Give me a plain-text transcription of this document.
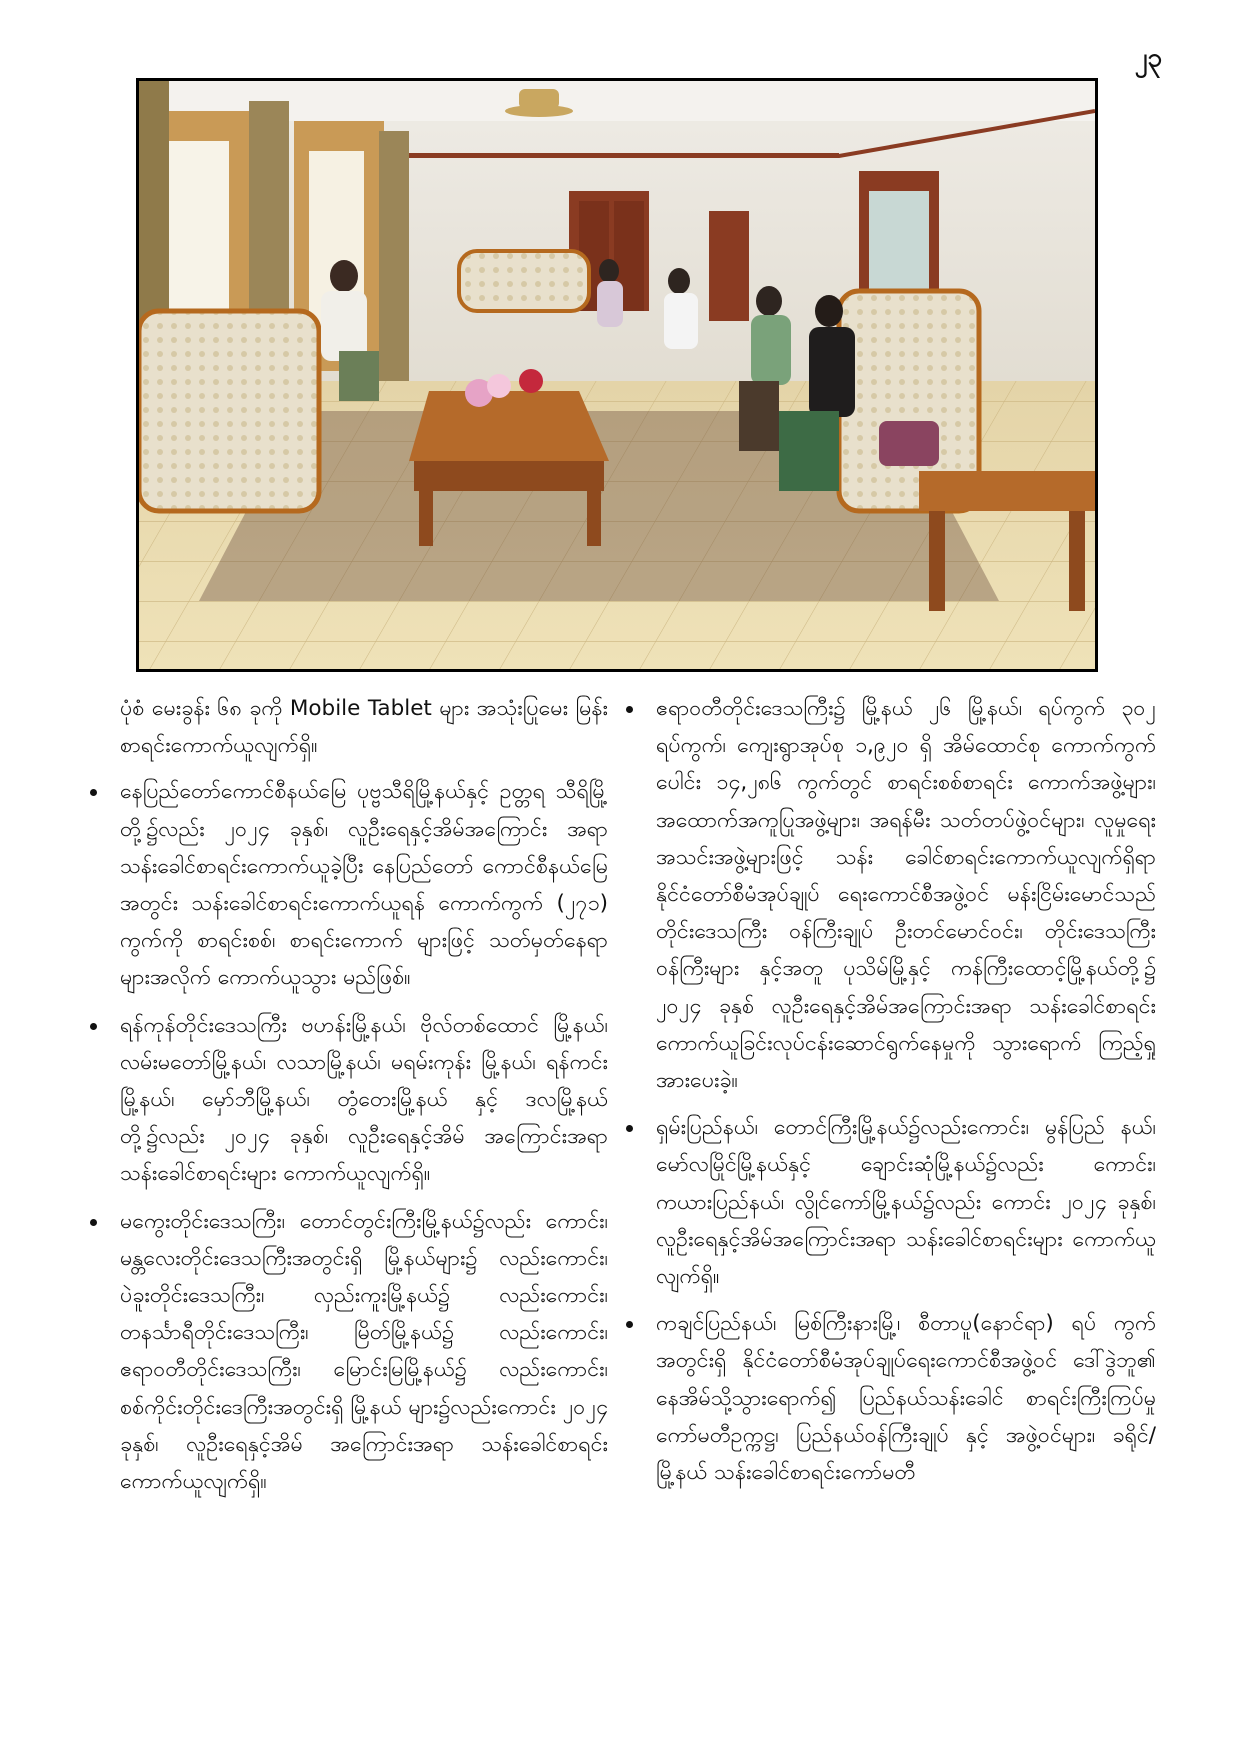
၂၃

ပုံစံ မေးခွန်း ၆၈ ခုကို Mobile Tablet များ အသုံးပြုမေး မြန်းစာရင်းကောက်ယူလျက်ရှိ။

နေပြည်တော်ကောင်စီနယ်မြေ ပုဗ္ဗသီရိမြို့နယ်နှင့် ဥတ္တရ သီရိမြို့တို့၌လည်း ၂၀၂၄ ခုနှစ်၊ လူဦးရေနှင့်အိမ်အကြောင်း အရာသန်းခေါင်စာရင်းကောက်ယူခဲ့ပြီး နေပြည်တော် ကောင်စီနယ်မြေအတွင်း သန်းခေါင်စာရင်းကောက်ယူရန် ကောက်ကွက် (၂၇၁) ကွက်ကို စာရင်းစစ်၊ စာရင်းကောက် များဖြင့် သတ်မှတ်နေရာများအလိုက် ကောက်ယူသွား မည်ဖြစ်။
ရန်ကုန်တိုင်းဒေသကြီး ဗဟန်းမြို့နယ်၊ ဗိုလ်တစ်ထောင် မြို့နယ်၊ လမ်းမတော်မြို့နယ်၊ လသာမြို့နယ်၊ မရမ်းကုန်း မြို့နယ်၊ ရန်ကင်းမြို့နယ်၊ မှော်ဘီမြို့နယ်၊ တွံတေးမြို့နယ် နှင့် ဒလမြို့နယ်တို့၌လည်း ၂၀၂၄ ခုနှစ်၊ လူဦးရေနှင့်အိမ် အကြောင်းအရာ သန်းခေါင်စာရင်းများ ကောက်ယူလျက်ရှိ။
မကွေးတိုင်းဒေသကြီး၊ တောင်တွင်းကြီးမြို့နယ်၌လည်း ကောင်း၊ မန္တလေးတိုင်းဒေသကြီးအတွင်းရှိ မြို့နယ်များ၌ လည်းကောင်း၊ ပဲခူးတိုင်းဒေသကြီး၊ လှည်းကူးမြို့နယ်၌ လည်းကောင်း၊ တနင်္သာရီတိုင်းဒေသကြီး၊ မြိတ်မြို့နယ်၌ လည်းကောင်း၊ ဧရာဝတီတိုင်းဒေသကြီး၊ မြောင်းမြမြို့နယ်၌ လည်းကောင်း၊ စစ်ကိုင်းတိုင်းဒေကြီးအတွင်းရှိ မြို့နယ် များ၌လည်းကောင်း ၂၀၂၄ ခုနှစ်၊ လူဦးရေနှင့်အိမ် အကြောင်းအရာ သန်းခေါင်စာရင်းကောက်ယူလျက်ရှိ။
ဧရာဝတီတိုင်းဒေသကြီး၌ မြို့နယ် ၂၆ မြို့နယ်၊ ရပ်ကွက် ၃၀၂ ရပ်ကွက်၊ ကျေးရွာအုပ်စု ၁,၉၂၀ ရှိ အိမ်ထောင်စု ကောက်ကွက်ပေါင်း ၁၄,၂၈၆ ကွက်တွင် စာရင်းစစ်စာရင်း ကောက်အဖွဲ့များ၊ အထောက်အကူပြုအဖွဲ့များ၊ အရန်မီး သတ်တပ်ဖွဲ့ဝင်များ၊ လူမှုရေးအသင်းအဖွဲ့များဖြင့် သန်း ခေါင်စာရင်းကောက်ယူလျက်ရှိရာ နိုင်ငံတော်စီမံအုပ်ချုပ် ရေးကောင်စီအဖွဲ့ဝင် မန်းငြိမ်းမောင်သည် တိုင်းဒေသကြီး ဝန်ကြီးချုပ် ဦးတင်မောင်ဝင်း၊ တိုင်းဒေသကြီးဝန်ကြီးများ နှင့်အတူ ပုသိမ်မြို့နှင့် ကန်ကြီးထောင့်မြို့နယ်တို့၌ ၂၀၂၄ ခုနှစ် လူဦးရေနှင့်အိမ်အကြောင်းအရာ သန်းခေါင်စာရင်း ကောက်ယူခြင်းလုပ်ငန်းဆောင်ရွက်နေမှုကို သွားရောက် ကြည့်ရှုအားပေးခဲ့။
ရှမ်းပြည်နယ်၊ တောင်ကြီးမြို့နယ်၌လည်းကောင်း၊ မွန်ပြည် နယ်၊ မော်လမြိုင်မြို့နယ်နှင့် ချောင်းဆုံမြို့နယ်၌လည်း ကောင်း၊ ကယားပြည်နယ်၊ လွိုင်ကော်မြို့နယ်၌လည်း ကောင်း ၂၀၂၄ ခုနှစ်၊ လူဦးရေနှင့်အိမ်အကြောင်းအရာ သန်းခေါင်စာရင်းများ ကောက်ယူလျက်ရှိ။
ကချင်ပြည်နယ်၊ မြစ်ကြီးနားမြို့၊ စီတာပူ(နောင်ရာ) ရပ် ကွက်အတွင်းရှိ နိုင်ငံတော်စီမံအုပ်ချုပ်ရေးကောင်စီအဖွဲ့ဝင် ဒေါ်ဒွဲဘူ၏ နေအိမ်သို့သွားရောက်၍ ပြည်နယ်သန်းခေါင် စာရင်းကြီးကြပ်မှုကော်မတီဥက္ကဋ္ဌ၊ ပြည်နယ်ဝန်ကြီးချုပ် နှင့် အဖွဲ့ဝင်များ၊ ခရိုင်/ မြို့နယ် သန်းခေါင်စာရင်းကော်မတီ
